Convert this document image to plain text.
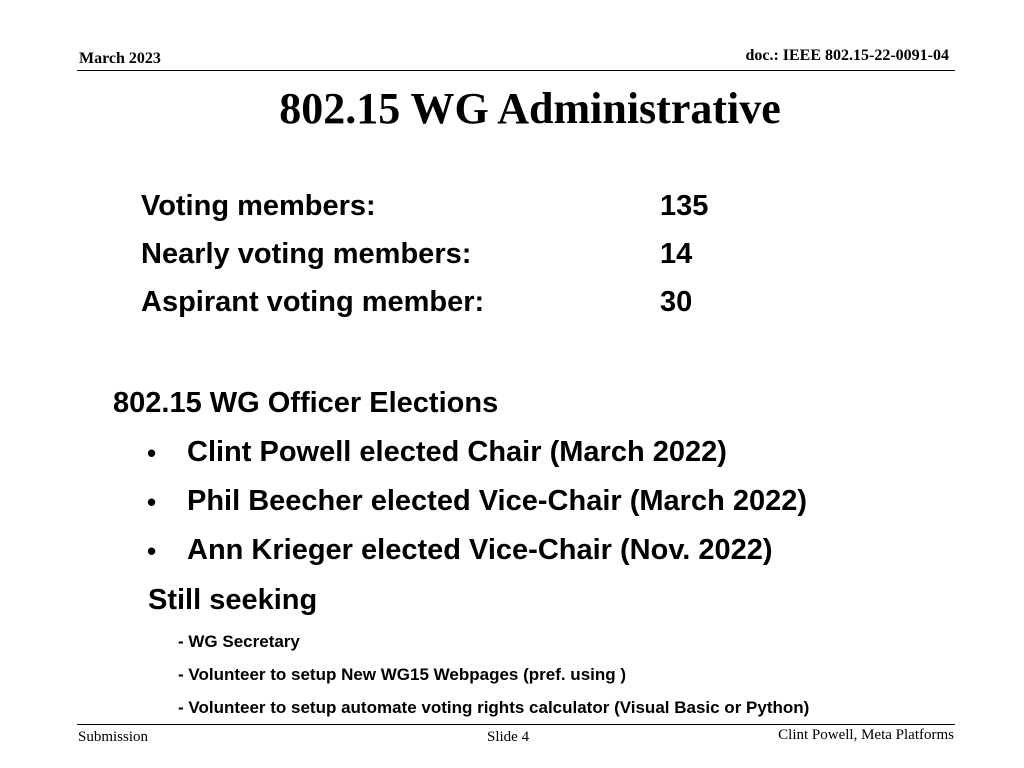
March 2023	doc.: IEEE 802.15-22-0091-04
802.15 WG Administrative
Voting members:	135
Nearly voting members:	14
Aspirant voting member:	30
802.15 WG Officer Elections
• Clint Powell elected Chair (March 2022)
• Phil Beecher elected Vice-Chair (March 2022)
• Ann Krieger elected Vice-Chair (Nov. 2022)
Still seeking
- WG Secretary
- Volunteer to setup New WG15 Webpages (pref. using )
- Volunteer to setup automate voting rights calculator (Visual Basic or Python)
Submission	Slide 4	Clint Powell, Meta Platforms
